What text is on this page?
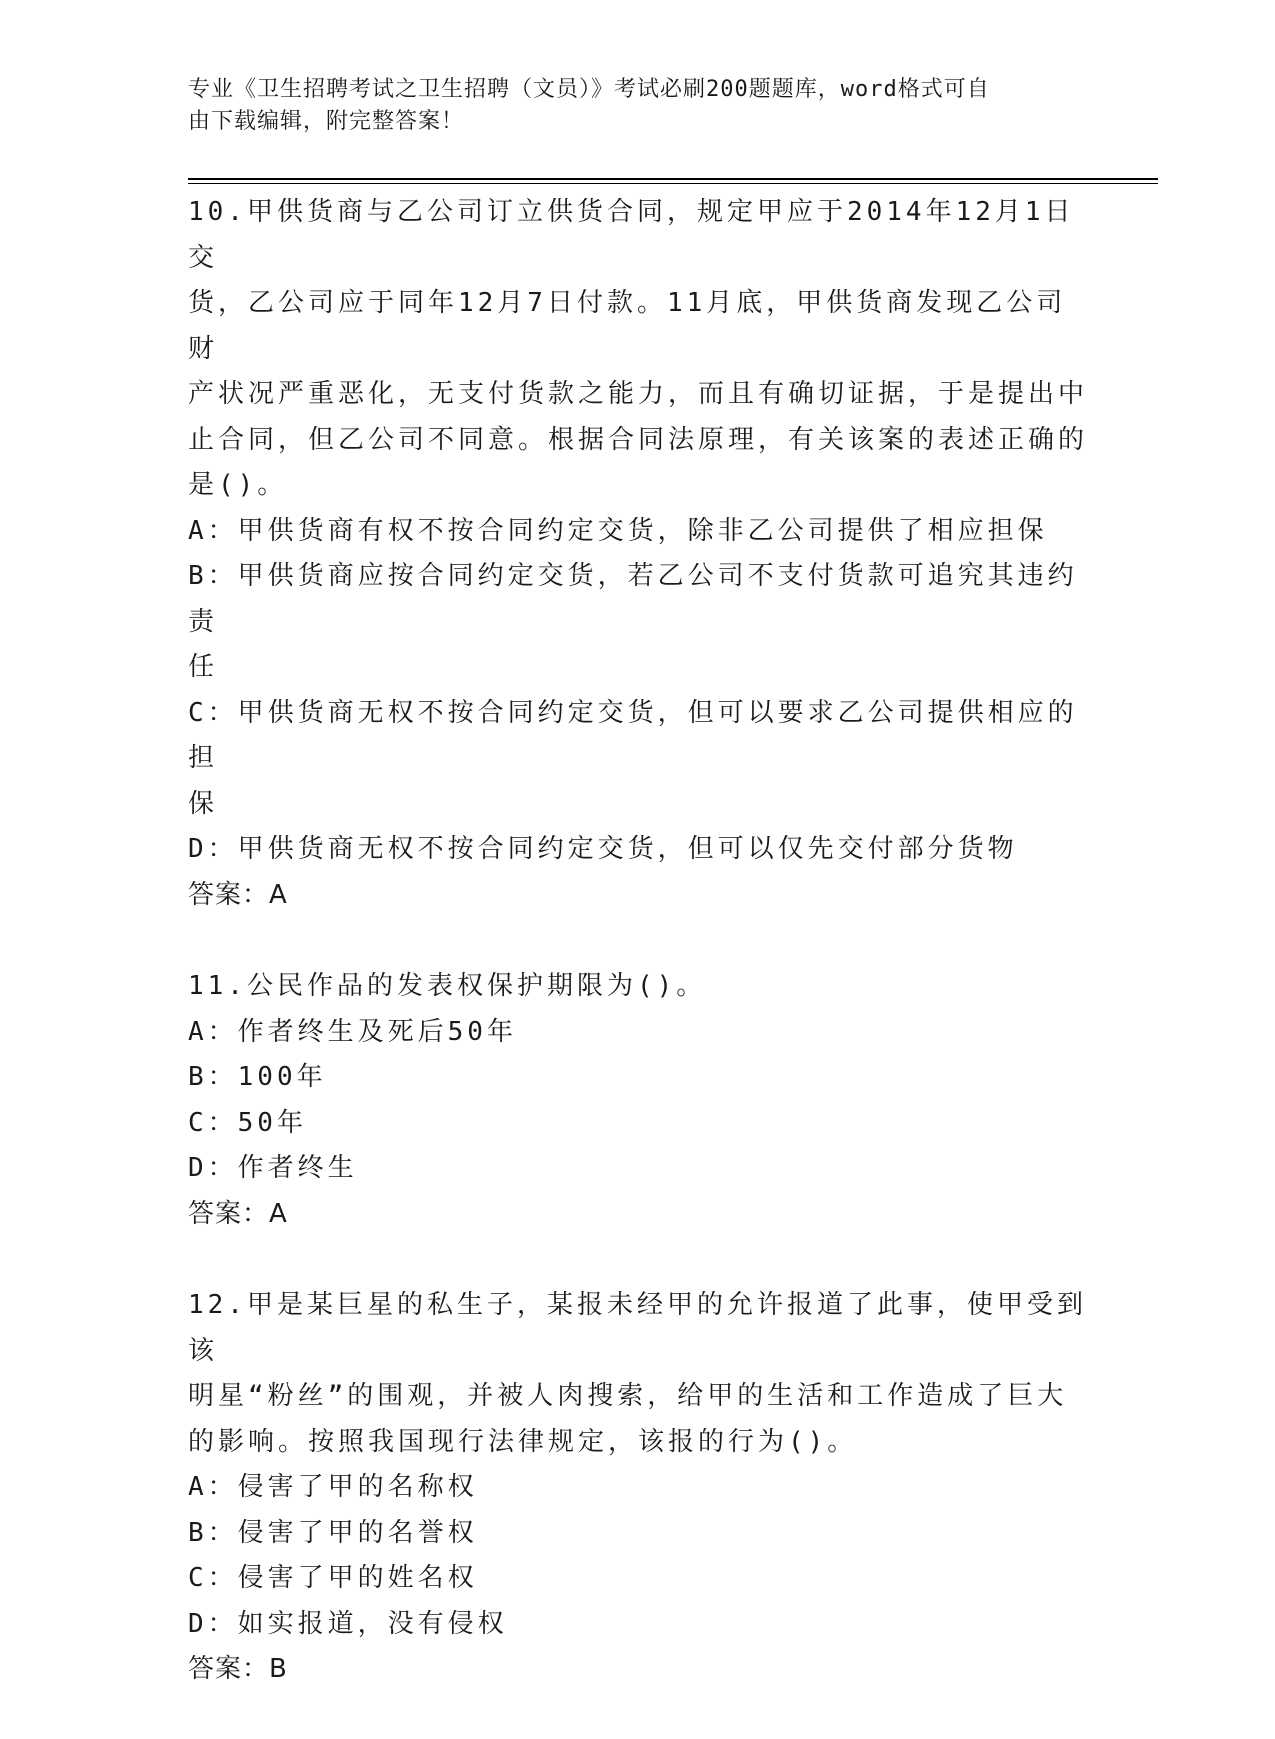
专业《卫生招聘考试之卫生招聘（文员）》考试必刷200题题库，word格式可自
由下载编辑，附完整答案！
10.甲供货商与乙公司订立供货合同，规定甲应于2014年12月1日交
货，乙公司应于同年12月7日付款。11月底，甲供货商发现乙公司财
产状况严重恶化，无支付货款之能力，而且有确切证据，于是提出中
止合同，但乙公司不同意。根据合同法原理，有关该案的表述正确的
是()。
A：甲供货商有权不按合同约定交货，除非乙公司提供了相应担保
B：甲供货商应按合同约定交货，若乙公司不支付货款可追究其违约责
任
C：甲供货商无权不按合同约定交货，但可以要求乙公司提供相应的担
保
D：甲供货商无权不按合同约定交货，但可以仅先交付部分货物
答案：A
11.公民作品的发表权保护期限为()。
A：作者终生及死后50年
B：100年
C：50年
D：作者终生
答案：A
12.甲是某巨星的私生子，某报未经甲的允许报道了此事，使甲受到该
明星“粉丝”的围观，并被人肉搜索，给甲的生活和工作造成了巨大
的影响。按照我国现行法律规定，该报的行为()。
A：侵害了甲的名称权
B：侵害了甲的名誉权
C：侵害了甲的姓名权
D：如实报道，没有侵权
答案：B
